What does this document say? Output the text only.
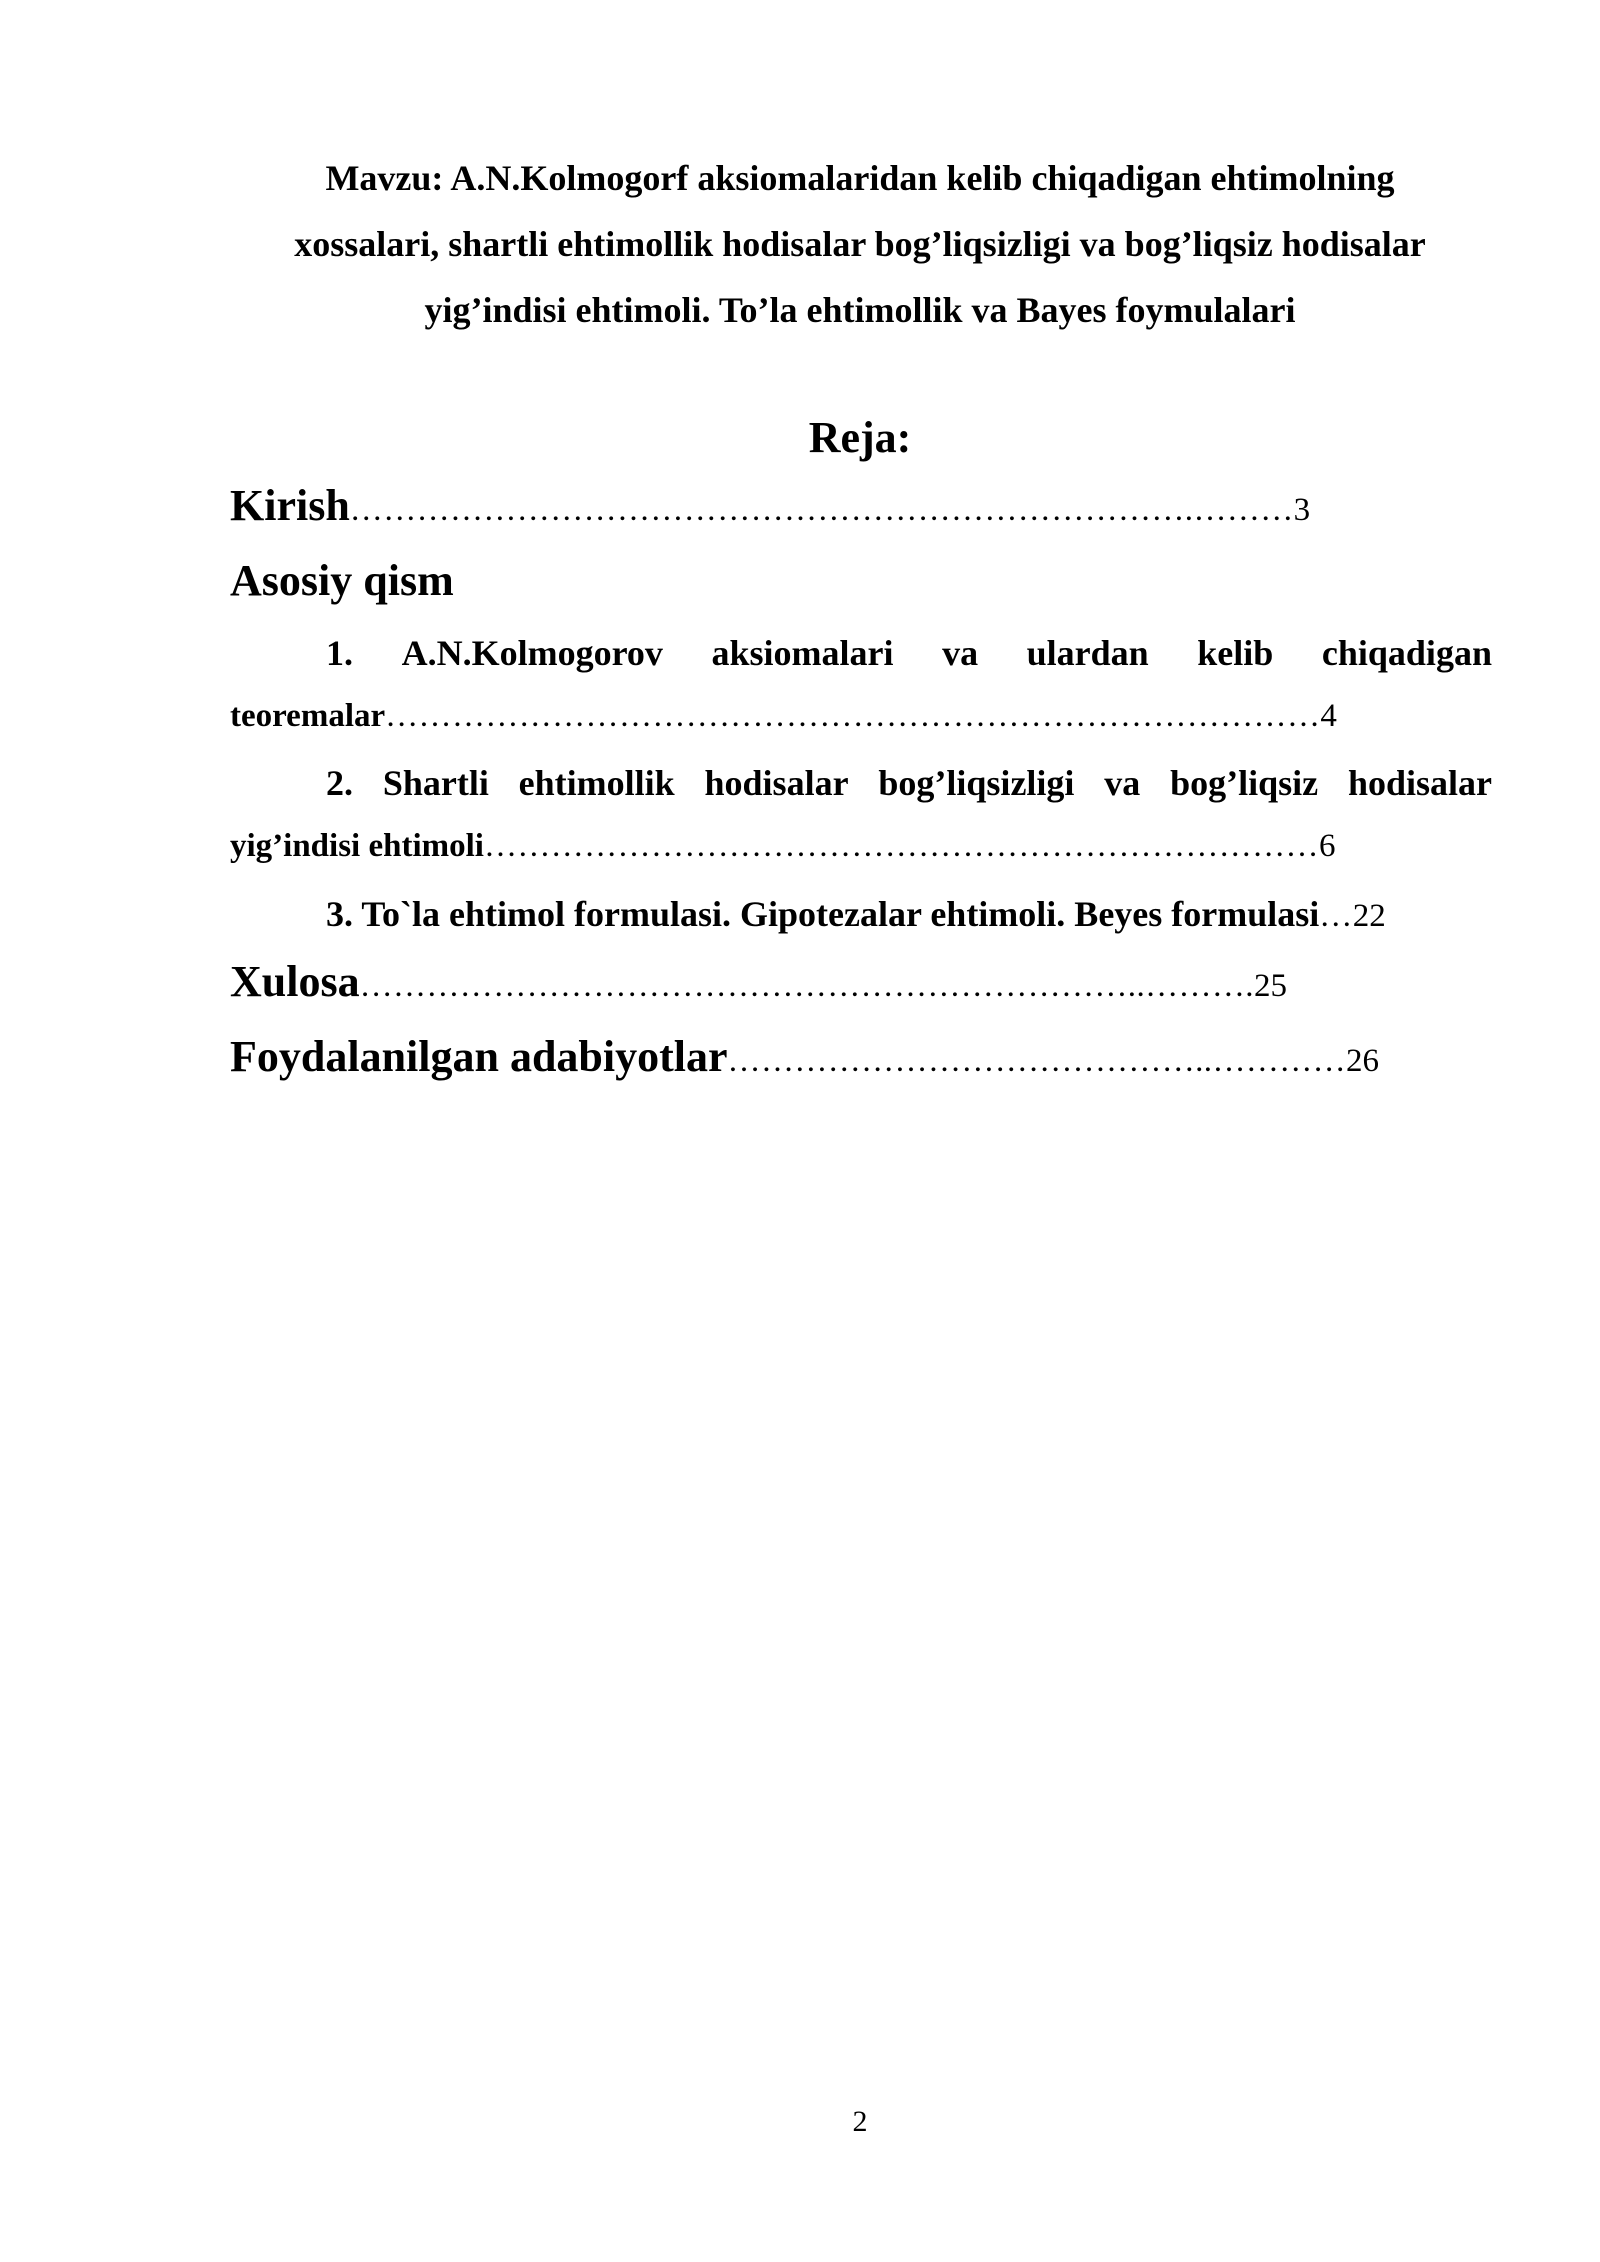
Mavzu: A.N.Kolmogorf aksiomalaridan kelib chiqadigan ehtimolning
xossalari, shartli ehtimollik hodisalar bog’liqsizligi va bog’liqsiz hodisalar
yig’indisi ehtimoli. To’la ehtimollik va Bayes foymulalari
Reja:
Kirish………………………………………………………………….………3
Asosiy qism
1. A.N.Kolmogorov aksiomalari va ulardan kelib chiqadigan
teoremalar…………………………………………………………………………4
2. Shartli ehtimollik hodisalar bog’liqsizligi va bog’liqsiz hodisalar
yig’indisi ehtimoli…………………………………………………………………6
3. To`la ehtimol formulasi. Gipotezalar ehtimoli. Beyes formulasi…22
Xulosa……………………………………………………………..……….25
Foydalanilgan adabiyotlar……………………………………..…………26
2
